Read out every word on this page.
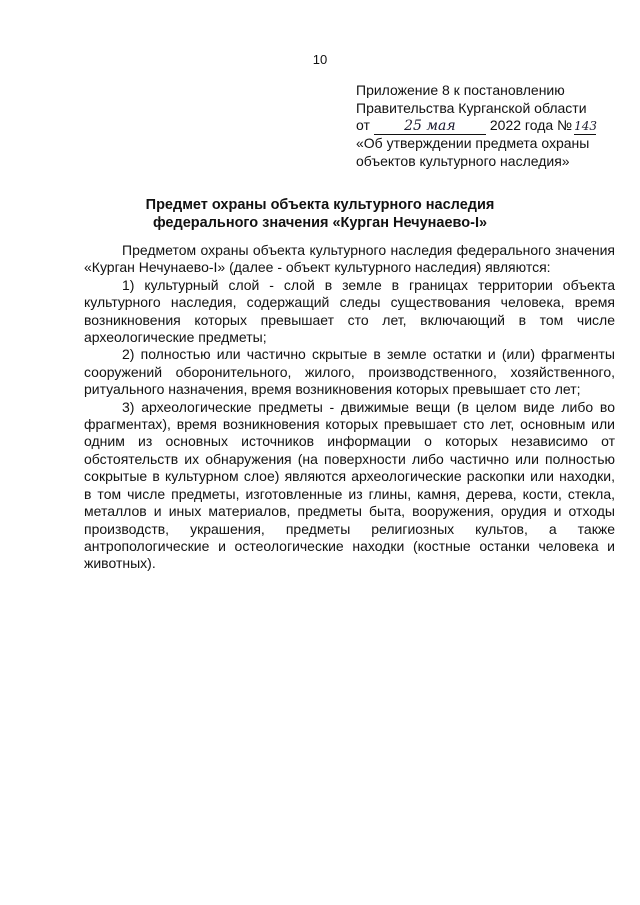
10
Приложение 8 к постановлению
Правительства Курганской области
от 25 мая 2022 года № 143
«Об утверждении предмета охраны
объектов культурного наследия»
Предмет охраны объекта культурного наследия
федерального значения «Курган Нечунаево-I»

Предметом охраны объекта культурного наследия федерального значения «Курган Нечунаево-I» (далее - объект культурного наследия) являются:

1) культурный слой - слой в земле в границах территории объекта культурного наследия, содержащий следы существования человека, время возникновения которых превышает сто лет, включающий в том числе археологические предметы;

2) полностью или частично скрытые в земле остатки и (или) фрагменты сооружений оборонительного, жилого, производственного, хозяйственного, ритуального назначения, время возникновения которых превышает сто лет;

3) археологические предметы - движимые вещи (в целом виде либо во фрагментах), время возникновения которых превышает сто лет, основным или одним из основных источников информации о которых независимо от обстоятельств их обнаружения (на поверхности либо частично или полностью сокрытые в культурном слое) являются археологические раскопки или находки, в том числе предметы, изготовленные из глины, камня, дерева, кости, стекла, металлов и иных материалов, предметы быта, вооружения, орудия и отходы производств, украшения, предметы религиозных культов, а также антропологические и остеологические находки (костные останки человека и животных).
